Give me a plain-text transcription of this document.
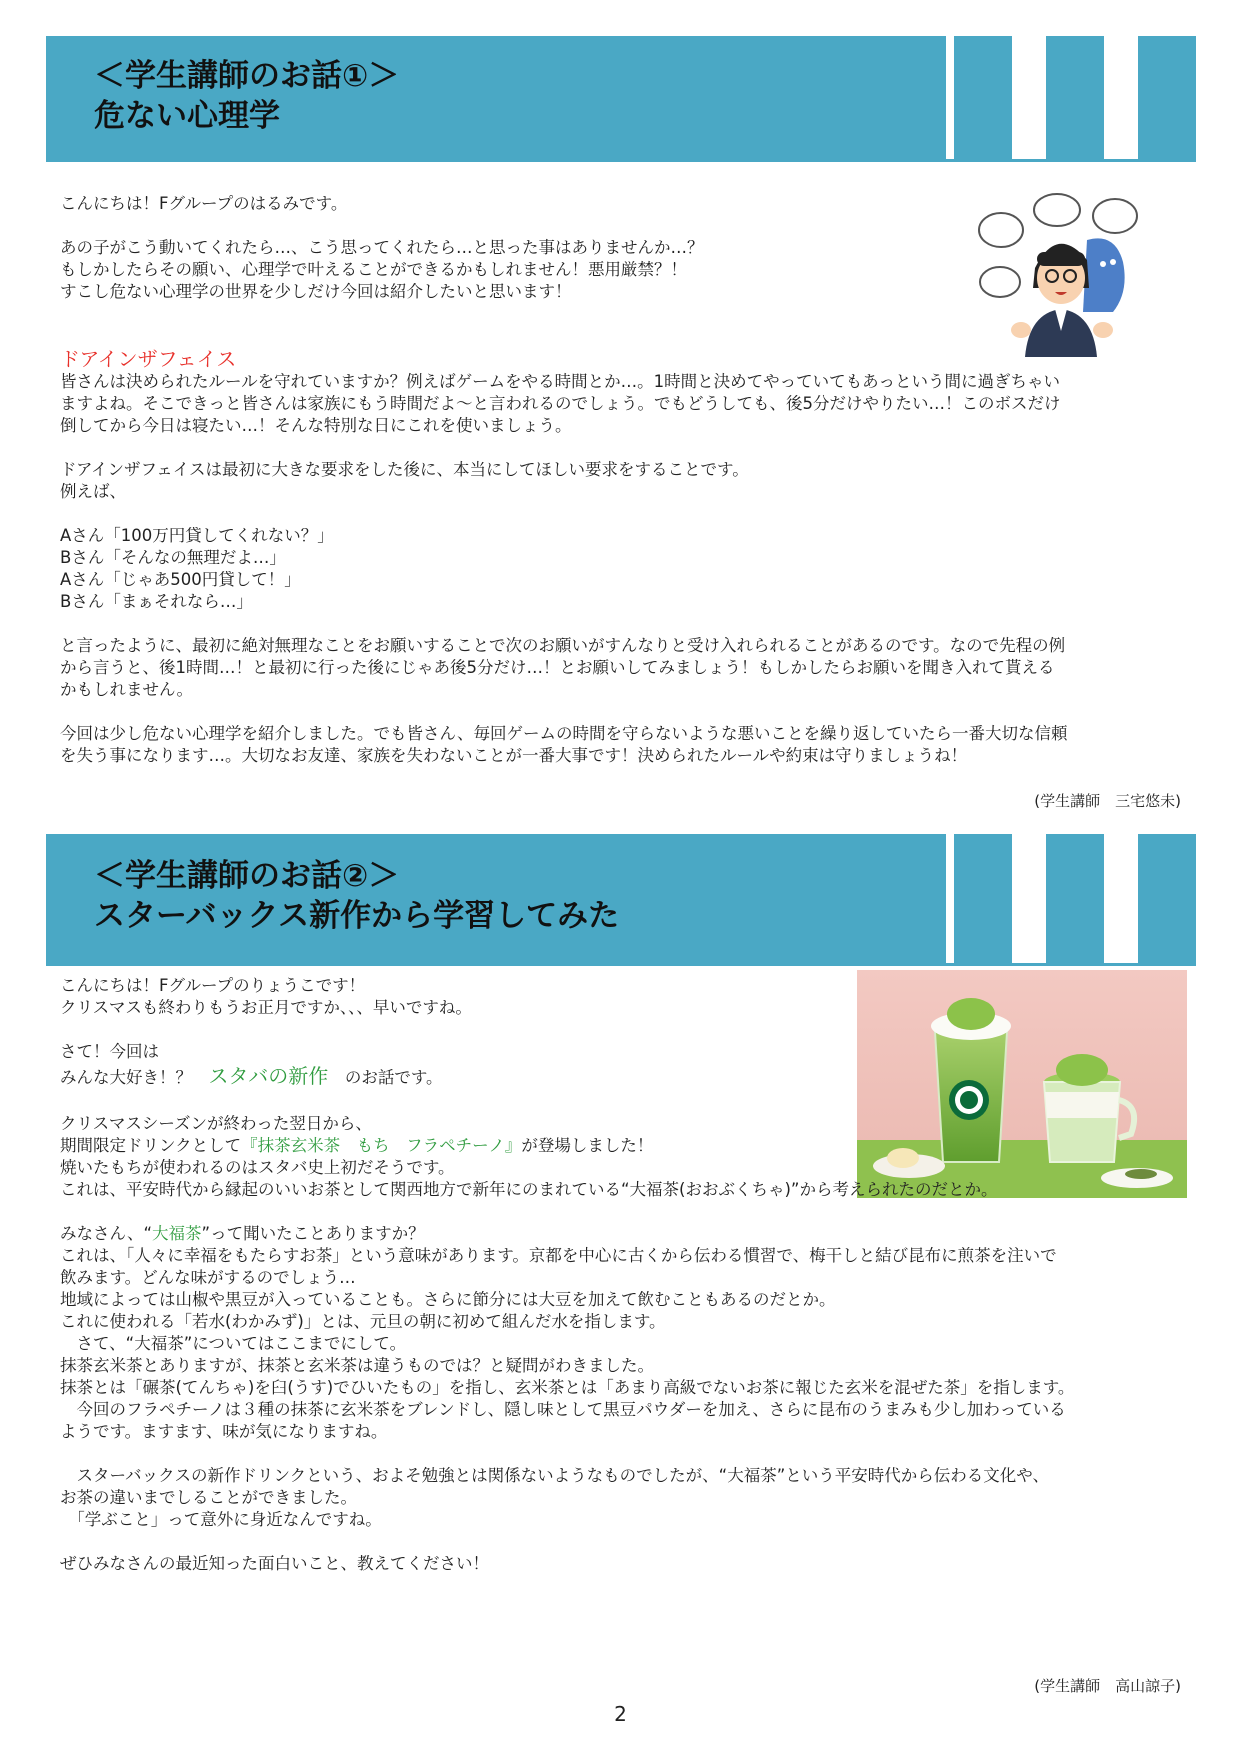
＜学生講師のお話①＞
危ない心理学

こんにちは！Fグループのはるみです。

あの子がこう動いてくれたら…、こう思ってくれたら…と思った事はありませんか…？

もしかしたらその願い、心理学で叶えることができるかもしれません！悪用厳禁？！

すこし危ない心理学の世界を少しだけ今回は紹介したいと思います！

ドアインザフェイス

皆さんは決められたルールを守れていますか？例えばゲームをやる時間とか…。1時間と決めてやっていてもあっという間に過ぎちゃい

ますよね。そこできっと皆さんは家族にもう時間だよ～と言われるのでしょう。でもどうしても、後5分だけやりたい…！このボスだけ

倒してから今日は寝たい…！そんな特別な日にこれを使いましょう。

ドアインザフェイスは最初に大きな要求をした後に、本当にしてほしい要求をすることです。

例えば、

Aさん「100万円貸してくれない？」

Bさん「そんなの無理だよ…」

Aさん「じゃあ500円貸して！」

Bさん「まぁそれなら…」

と言ったように、最初に絶対無理なことをお願いすることで次のお願いがすんなりと受け入れられることがあるのです。なので先程の例

から言うと、後1時間…！と最初に行った後にじゃあ後5分だけ…！とお願いしてみましょう！もしかしたらお願いを聞き入れて貰える

かもしれません。

今回は少し危ない心理学を紹介しました。でも皆さん、毎回ゲームの時間を守らないような悪いことを繰り返していたら一番大切な信頼

を失う事になります…。大切なお友達、家族を失わないことが一番大事です！決められたルールや約束は守りましょうね！

(学生講師　三宅悠未)
＜学生講師のお話②＞
スターバックス新作から学習してみた

こんにちは！Fグループのりょうこです！

クリスマスも終わりもうお正月ですか、、、早いですね。

さて！今回は

みんな大好き！？　スタバの新作　のお話です。

クリスマスシーズンが終わった翌日から、

期間限定ドリンクとして『抹茶玄米茶　もち　フラペチーノ』が登場しました！

焼いたもちが使われるのはスタバ史上初だそうです。

これは、平安時代から縁起のいいお茶として関西地方で新年にのまれている“大福茶(おおぶくちゃ)”から考えられたのだとか。

みなさん、“大福茶”って聞いたことありますか？

これは、「人々に幸福をもたらすお茶」という意味があります。京都を中心に古くから伝わる慣習で、梅干しと結び昆布に煎茶を注いで

飲みます。どんな味がするのでしょう…

地域によっては山椒や黒豆が入っていることも。さらに節分には大豆を加えて飲むこともあるのだとか。

これに使われる「若水(わかみず)」とは、元旦の朝に初めて組んだ水を指します。

　さて、“大福茶”についてはここまでにして。

抹茶玄米茶とありますが、抹茶と玄米茶は違うものでは？と疑問がわきました。

抹茶とは「碾茶(てんちゃ)を臼(うす)でひいたもの」を指し、玄米茶とは「あまり高級でないお茶に報じた玄米を混ぜた茶」を指します。

　今回のフラペチーノは３種の抹茶に玄米茶をブレンドし、隠し味として黒豆パウダーを加え、さらに昆布のうまみも少し加わっている

ようです。ますます、味が気になりますね。

　スターバックスの新作ドリンクという、およそ勉強とは関係ないようなものでしたが、“大福茶”という平安時代から伝わる文化や、

お茶の違いまでしることができました。

　「学ぶこと」って意外に身近なんですね。

ぜひみなさんの最近知った面白いこと、教えてください！

(学生講師　高山諒子)
2
